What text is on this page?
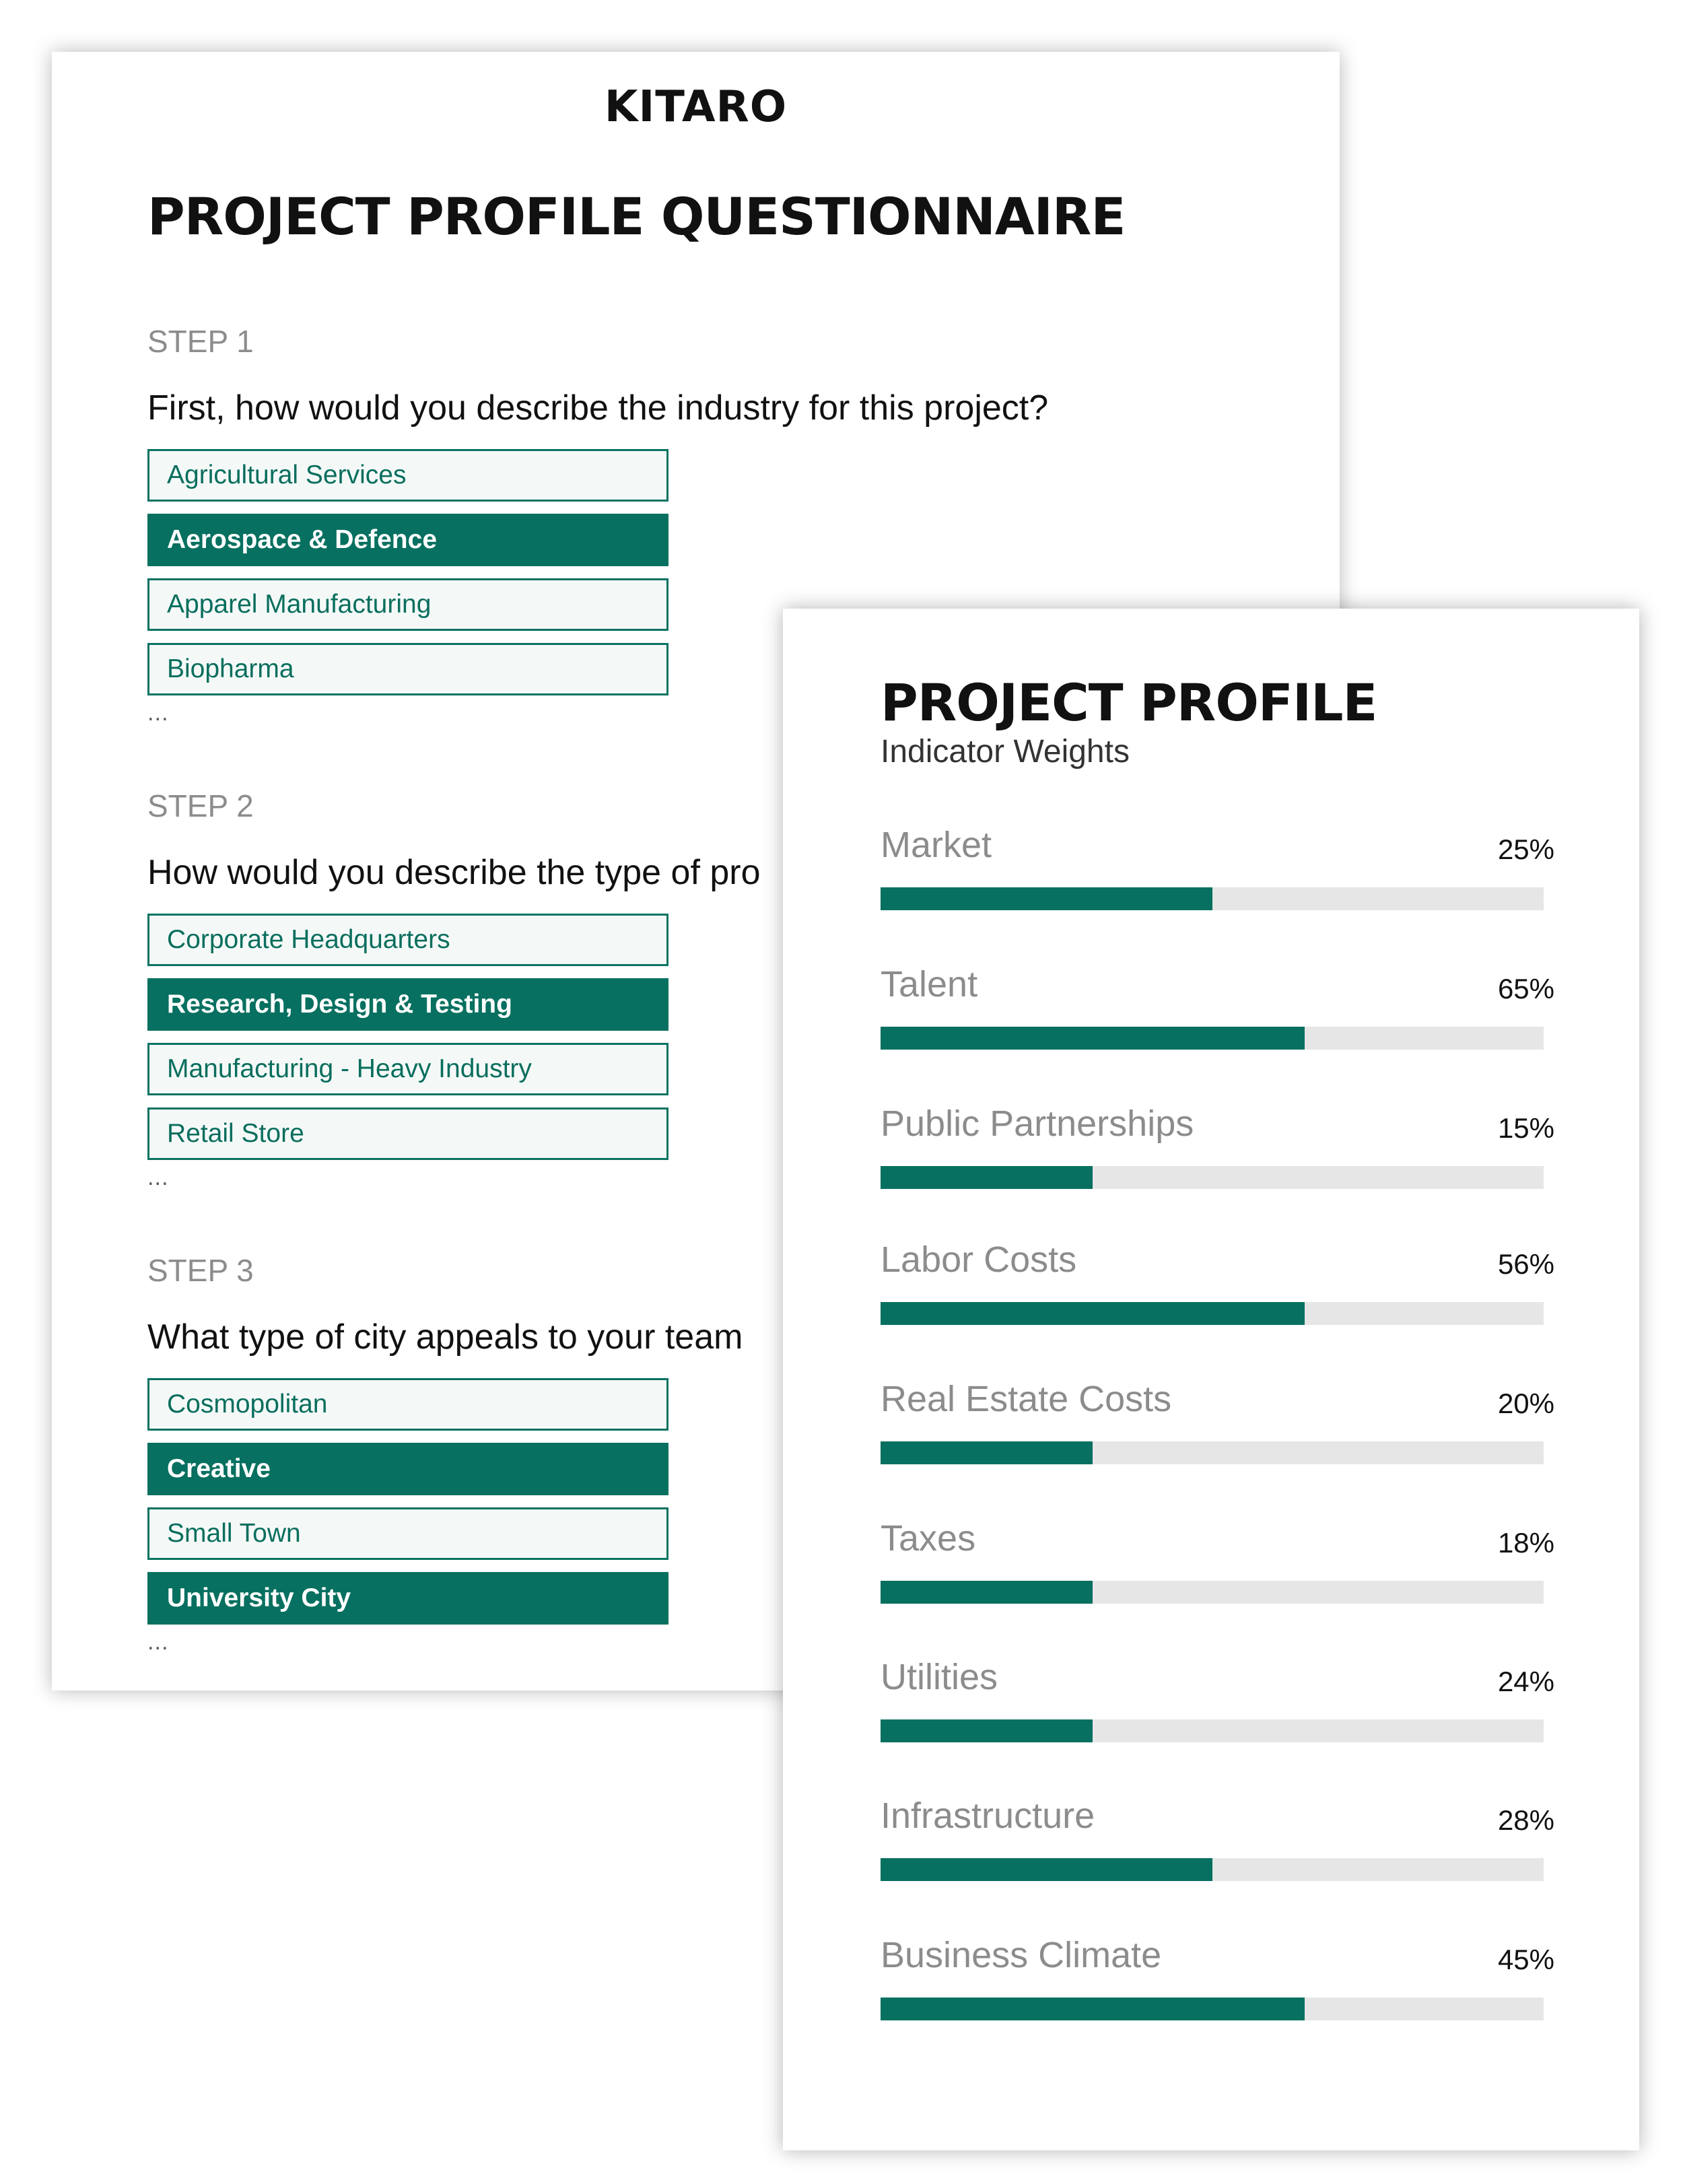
KITARO
PROJECT PROFILE QUESTIONNAIRE
STEP 1
First, how would you describe the industry for this project?
Agricultural Services
Aerospace & Defence
Apparel Manufacturing
Biopharma
...
STEP 2
How would you describe the type of pro
Corporate Headquarters
Research, Design & Testing
Manufacturing - Heavy Industry
Retail Store
...
STEP 3
What type of city appeals to your team
Cosmopolitan
Creative
Small Town
University City
...
PROJECT PROFILE
Indicator Weights
Market	25%
Talent	65%
Public Partnerships	15%
Labor Costs	56%
Real Estate Costs	20%
Taxes	18%
Utilities	24%
Infrastructure	28%
Business Climate	45%
